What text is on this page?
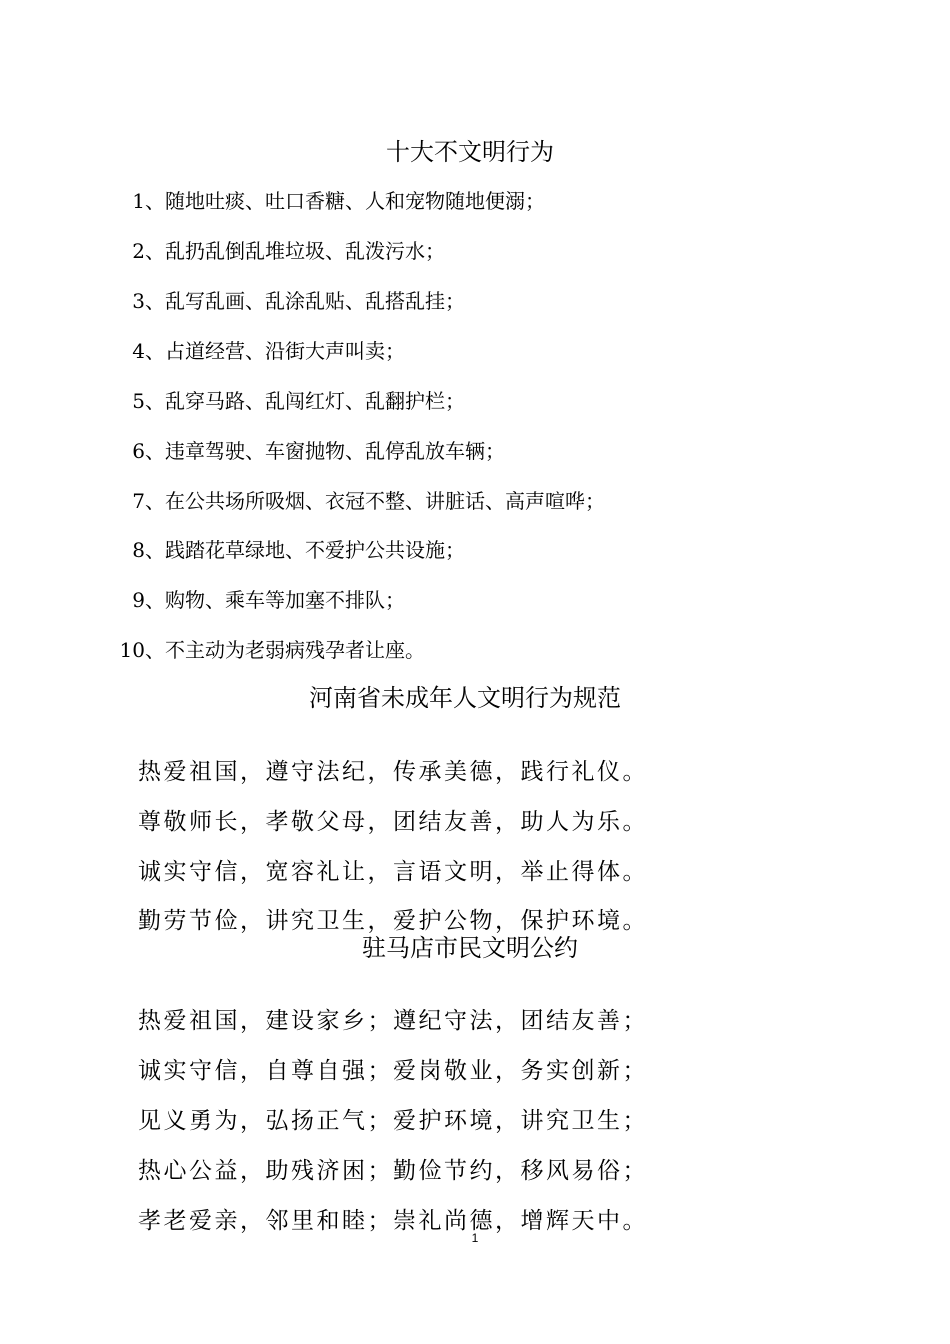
十大不文明行为
1、随地吐痰、吐口香糖、人和宠物随地便溺；
2、乱扔乱倒乱堆垃圾、乱泼污水；
3、乱写乱画、乱涂乱贴、乱搭乱挂；
4、占道经营、沿街大声叫卖；
5、乱穿马路、乱闯红灯、乱翻护栏；
6、违章驾驶、车窗抛物、乱停乱放车辆；
7、在公共场所吸烟、衣冠不整、讲脏话、高声喧哗；
8、践踏花草绿地、不爱护公共设施；
9、购物、乘车等加塞不排队；
10、不主动为老弱病残孕者让座。
河南省未成年人文明行为规范

热爱祖国，遵守法纪，传承美德，践行礼仪。

尊敬师长，孝敬父母，团结友善，助人为乐。

诚实守信，宽容礼让，言语文明，举止得体。

勤劳节俭，讲究卫生，爱护公物，保护环境。

驻马店市民文明公约

热爱祖国，建设家乡；遵纪守法，团结友善；

诚实守信，自尊自强；爱岗敬业，务实创新；

见义勇为，弘扬正气；爱护环境，讲究卫生；

热心公益，助残济困；勤俭节约，移风易俗；

孝老爱亲，邻里和睦；崇礼尚德，增辉天中。

1
